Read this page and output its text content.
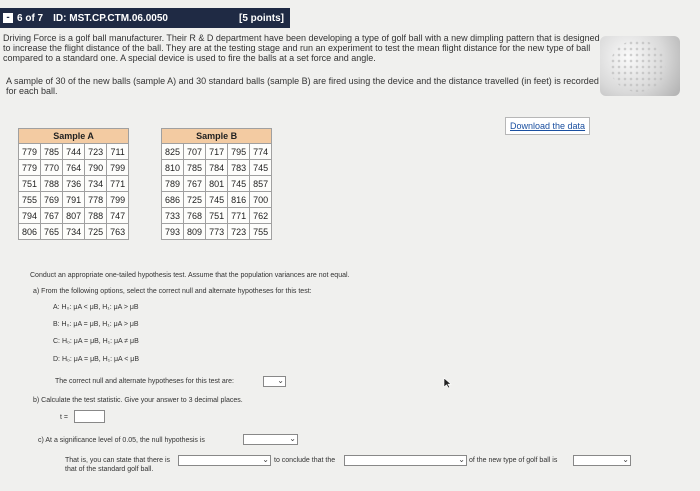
- 6 of 7 ID: MST.CP.CTM.06.0050	[5 points]
Driving Force is a golf ball manufacturer. Their R & D department have been developing a type of golf ball with a new dimpling pattern that is designed to increase the flight distance of the ball. They are at the testing stage and run an experiment to test the mean flight distance for the new type of ball compared to a standard one. A special device is used to fire the balls at a set force and angle.
A sample of 30 of the new balls (sample A) and 30 standard balls (sample B) are fired using the device and the distance travelled (in feet) is recorded for each ball.
Download the data
Sample A				
779	785	744	723	711
779	770	764	790	799
751	788	736	734	771
755	769	791	778	799
794	767	807	788	747
806	765	734	725	763
Sample B				
825	707	717	795	774
810	785	784	783	745
789	767	801	745	857
686	725	745	816	700
733	768	751	771	762
793	809	773	723	755
Conduct an appropriate one-tailed hypothesis test. Assume that the population variances are not equal.
a) From the following options, select the correct null and alternate hypotheses for this test:
A: H₀: μA < μB, H₁: μA > μB
B: H₀: μA = μB, H₁: μA > μB
C: H₀: μA = μB, H₁: μA ≠ μB
D: H₀: μA = μB, H₁: μA < μB
The correct null and alternate hypotheses for this test are:	⌄
b) Calculate the test statistic. Give your answer to 3 decimal places.
t =
c) At a significance level of 0.05, the null hypothesis is	⌄
That is, you can state that there is	⌄ to conclude that the	⌄ of the new type of golf ball is	⌄
that of the standard golf ball.
